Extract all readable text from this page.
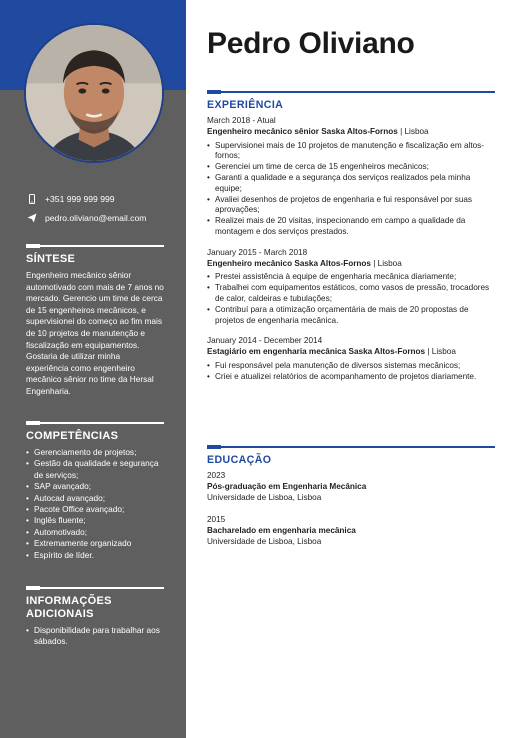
+351 999 999 999
pedro.oliviano@email.com
SÍNTESE

Engenheiro mecânico sênior automotivado com mais de 7 anos no mercado. Gerencio um time de cerca de 15 engenheiros mecânicos, e supervisionei do começo ao fim mais de 10 projetos de manutenção e fiscalização em equipamentos. Gostaria de utilizar minha experiência como engenheiro mecânico sênior no time da Hersal Engenharia.

COMPETÊNCIAS
• Gerenciamento de projetos;
• Gestão da qualidade e segurança de serviços;
• SAP avançado;
• Autocad avançado;
• Pacote Office avançado;
• Inglês fluente;
• Automotivado;
• Extremamente organizado
• Espírito de líder.
INFORMAÇÕES ADICIONAIS
• Disponibilidade para trabalhar aos sábados.
Pedro Oliviano
EXPERIÊNCIA
March 2018 - Atual
Engenheiro mecânico sênior Saska Altos-Fornos | Lisboa
• Supervisionei mais de 10 projetos de manutenção e fiscalização em altos-fornos;
• Gerenciei um time de cerca de 15 engenheiros mecânicos;
• Garanti a qualidade e a segurança dos serviços realizados pela minha equipe;
• Avaliei desenhos de projetos de engenharia e fui responsável por suas aprovações;
• Realizei mais de 20 visitas, inspecionando em campo a qualidade da montagem e dos serviços prestados.
January 2015 - March 2018
Engenheiro mecânico Saska Altos-Fornos | Lisboa
• Prestei assistência à equipe de engenharia mecânica diariamente;
• Trabalhei com equipamentos estáticos, como vasos de pressão, trocadores de calor, caldeiras e tubulações;
• Contribuí para a otimização orçamentária de mais de 20 propostas de projetos de engenharia mecânica.
January 2014 - December 2014
Estagiário em engenharia mecânica Saska Altos-Fornos | Lisboa
• Fui responsável pela manutenção de diversos sistemas mecânicos;
• Criei e atualizei relatórios de acompanhamento de projetos diariamente.
EDUCAÇÃO
2023
Pós-graduação em Engenharia Mecânica
Universidade de Lisboa, Lisboa
2015
Bacharelado em engenharia mecânica
Universidade de Lisboa, Lisboa
